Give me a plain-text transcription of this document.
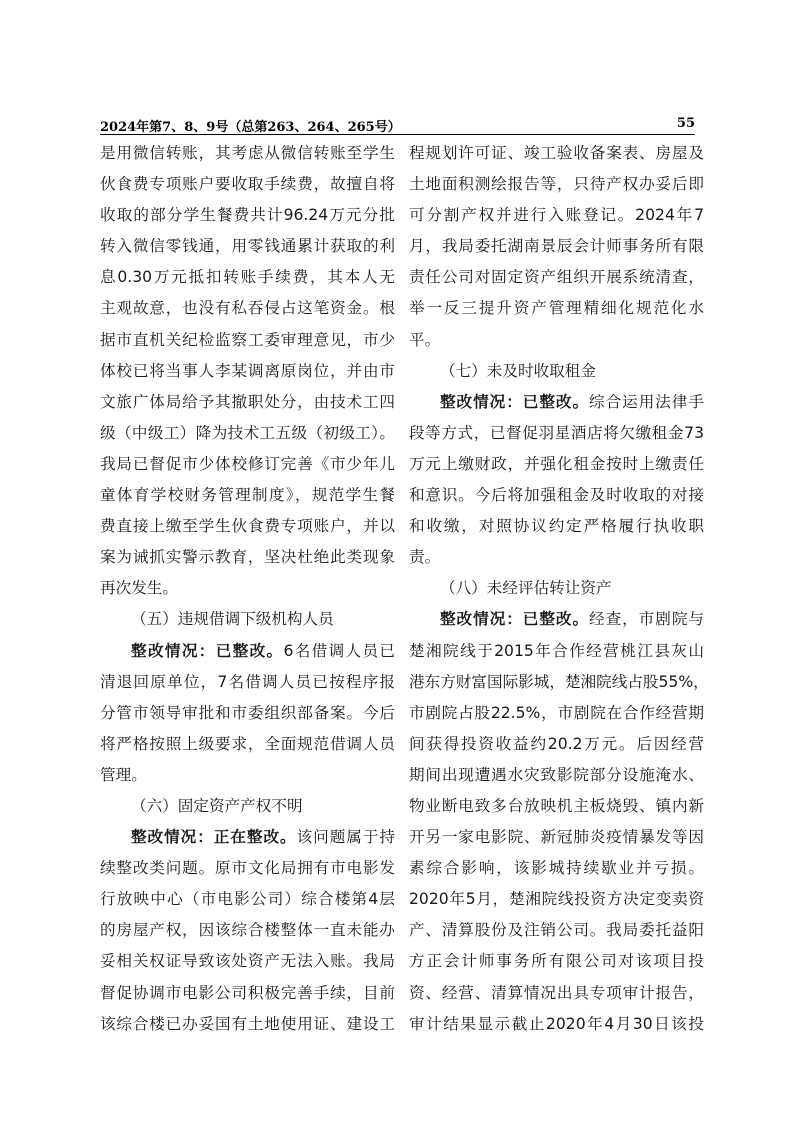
2024年第7、8、9号（总第263、264、265号）	55
是用微信转账，其考虑从微信转账至学生
伙食费专项账户要收取手续费，故擅自将
收取的部分学生餐费共计96.24万元分批
转入微信零钱通，用零钱通累计获取的利
息0.30万元抵扣转账手续费，其本人无
主观故意，也没有私吞侵占这笔资金。根
据市直机关纪检监察工委审理意见，市少
体校已将当事人李某调离原岗位，并由市
文旅广体局给予其撤职处分，由技术工四
级（中级工）降为技术工五级（初级工）。
我局已督促市少体校修订完善《市少年儿
童体育学校财务管理制度》，规范学生餐
费直接上缴至学生伙食费专项账户，并以
案为诫抓实警示教育，坚决杜绝此类现象
再次发生。
（五）违规借调下级机构人员
整改情况：已整改。6名借调人员已
清退回原单位，7名借调人员已按程序报
分管市领导审批和市委组织部备案。今后
将严格按照上级要求，全面规范借调人员
管理。
（六）固定资产产权不明
整改情况：正在整改。该问题属于持
续整改类问题。原市文化局拥有市电影发
行放映中心（市电影公司）综合楼第4层
的房屋产权，因该综合楼整体一直未能办
妥相关权证导致该处资产无法入账。我局
督促协调市电影公司积极完善手续，目前
该综合楼已办妥国有土地使用证、建设工
程规划许可证、竣工验收备案表、房屋及
土地面积测绘报告等，只待产权办妥后即
可分割产权并进行入账登记。2024年7
月，我局委托湖南景辰会计师事务所有限
责任公司对固定资产组织开展系统清查，
举一反三提升资产管理精细化规范化水
平。
（七）未及时收取租金
整改情况：已整改。综合运用法律手
段等方式，已督促羽星酒店将欠缴租金73
万元上缴财政，并强化租金按时上缴责任
和意识。今后将加强租金及时收取的对接
和收缴，对照协议约定严格履行执收职
责。
（八）未经评估转让资产
整改情况：已整改。经查，市剧院与
楚湘院线于2015年合作经营桃江县灰山
港东方财富国际影城，楚湘院线占股55%，
市剧院占股22.5%，市剧院在合作经营期
间获得投资收益约20.2万元。后因经营
期间出现遭遇水灾致影院部分设施淹水、
物业断电致多台放映机主板烧毁、镇内新
开另一家电影院、新冠肺炎疫情暴发等因
素综合影响，该影城持续歇业并亏损。
2020年5月，楚湘院线投资方决定变卖资
产、清算股份及注销公司。我局委托益阳
方正会计师事务所有限公司对该项目投
资、经营、清算情况出具专项审计报告，
审计结果显示截止2020年4月30日该投
